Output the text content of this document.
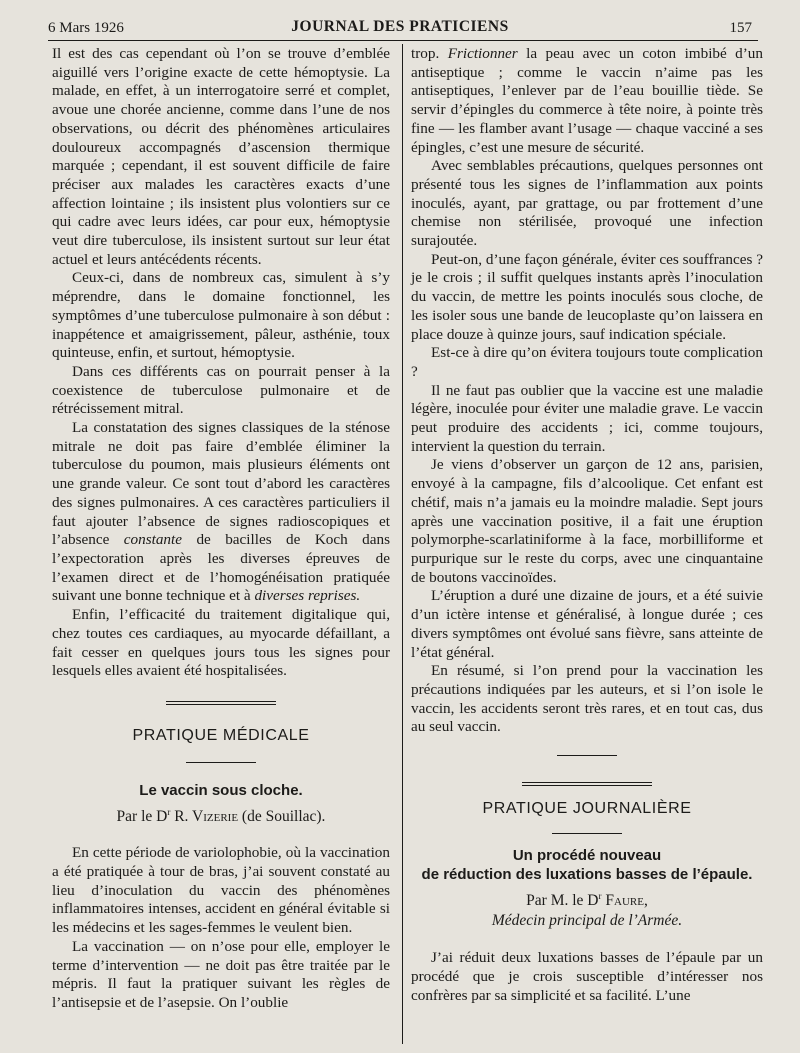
6 Mars 1926	JOURNAL DES PRATICIENS	157

Il est des cas cependant où l’on se trouve d’emblée aiguillé vers l’origine exacte de cette hémoptysie. La malade, en effet, à un interrogatoire serré et complet, avoue une chorée ancienne, comme dans l’une de nos observations, ou décrit des phénomènes articulaires douloureux accompagnés d’ascension thermique marquée ; cependant, il est souvent difficile de faire préciser aux malades les caractères exacts d’une affection lointaine ; ils insistent plus volontiers sur ce qui cadre avec leurs idées, car pour eux, hémoptysie veut dire tuberculose, ils insistent surtout sur leur état actuel et leurs antécédents récents.

Ceux-ci, dans de nombreux cas, simulent à s’y méprendre, dans le domaine fonctionnel, les symptômes d’une tuberculose pulmonaire à son début : inappétence et amaigrissement, pâleur, asthénie, toux quinteuse, enfin, et surtout, hémoptysie.

Dans ces différents cas on pourrait penser à la coexistence de tuberculose pulmonaire et de rétrécissement mitral.

La constatation des signes classiques de la sténose mitrale ne doit pas faire d’emblée éliminer la tuberculose du poumon, mais plusieurs éléments ont une grande valeur. Ce sont tout d’abord les caractères des signes pulmonaires. A ces caractères particuliers il faut ajouter l’absence de signes radioscopiques et l’absence constante de bacilles de Koch dans l’expectoration après les diverses épreuves de l’examen direct et de l’homogénéisation pratiquée suivant une bonne technique et à diverses reprises.

Enfin, l’efficacité du traitement digitalique qui, chez toutes ces cardiaques, au myocarde défaillant, a fait cesser en quelques jours tous les signes pour lesquels elles avaient été hospitalisées.

PRATIQUE MÉDICALE
Le vaccin sous cloche.
Par le $D^r$ R. Vizerie (de Souillac).

En cette période de variolophobie, où la vaccination a été pratiquée à tour de bras, j’ai souvent constaté au lieu d’inoculation du vaccin des phénomènes inflammatoires intenses, accident en général évitable si les médecins et les sages-femmes le veulent bien.

La vaccination — on n’ose pour elle, employer le terme d’intervention — ne doit pas être traitée par le mépris. Il faut la pratiquer suivant les règles de l’antisepsie et de l’asepsie. On l’oublie

trop. Frictionner la peau avec un coton imbibé d’un antiseptique ; comme le vaccin n’aime pas les antiseptiques, l’enlever par de l’eau bouillie tiède. Se servir d’épingles du commerce à tête noire, à pointe très fine — les flamber avant l’usage — chaque vacciné a ses épingles, c’est une mesure de sécurité.

Avec semblables précautions, quelques personnes ont présenté tous les signes de l’inflammation aux points inoculés, ayant, par grattage, ou par frottement d’une chemise non stérilisée, provoqué une infection surajoutée.

Peut-on, d’une façon générale, éviter ces souffrances ? je le crois ; il suffit quelques instants après l’inoculation du vaccin, de mettre les points inoculés sous cloche, de les isoler sous une bande de leucoplaste qu’on laissera en place douze à quinze jours, sauf indication spéciale.

Est-ce à dire qu’on évitera toujours toute complication ?

Il ne faut pas oublier que la vaccine est une maladie légère, inoculée pour éviter une maladie grave. Le vaccin peut produire des accidents ; ici, comme toujours, intervient la question du terrain.

Je viens d’observer un garçon de 12 ans, parisien, envoyé à la campagne, fils d’alcoolique. Cet enfant est chétif, mais n’a jamais eu la moindre maladie. Sept jours après une vaccination positive, il a fait une éruption polymorphe-scarlatiniforme à la face, morbilliforme et purpurique sur le reste du corps, avec une cinquantaine de boutons vaccinoïdes.

L’éruption a duré une dizaine de jours, et a été suivie d’un ictère intense et généralisé, à longue durée ; ces divers symptômes ont évolué sans fièvre, sans atteinte de l’état général.

En résumé, si l’on prend pour la vaccination les précautions indiquées par les auteurs, et si l’on isole le vaccin, les accidents seront très rares, et en tout cas, dus au seul vaccin.

PRATIQUE JOURNALIÈRE
Un procédé nouveau
de réduction des luxations basses de l’épaule.
Par M. le $D^r$ Faure,
Médecin principal de l’Armée.

J’ai réduit deux luxations basses de l’épaule par un procédé que je crois susceptible d’intéresser nos confrères par sa simplicité et sa facilité. L’une
